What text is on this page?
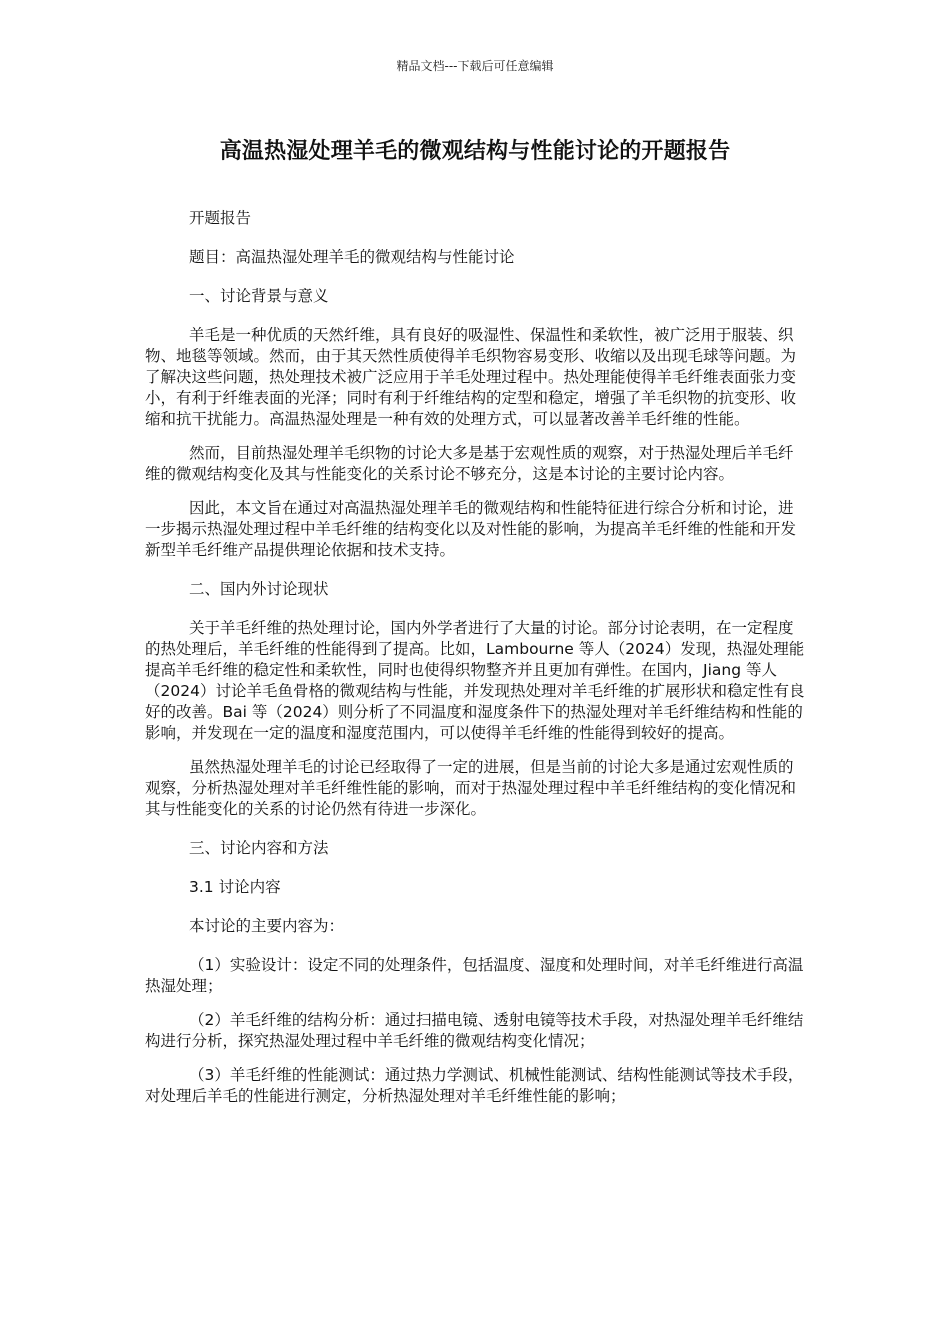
精品文档---下载后可任意编辑
高温热湿处理羊毛的微观结构与性能讨论的开题报告

开题报告

题目：高温热湿处理羊毛的微观结构与性能讨论

一、讨论背景与意义

羊毛是一种优质的天然纤维，具有良好的吸湿性、保温性和柔软性，被广泛用于服装、织物、地毯等领域。然而，由于其天然性质使得羊毛织物容易变形、收缩以及出现毛球等问题。为了解决这些问题，热处理技术被广泛应用于羊毛处理过程中。热处理能使得羊毛纤维表面张力变小，有利于纤维表面的光泽；同时有利于纤维结构的定型和稳定，增强了羊毛织物的抗变形、收缩和抗干扰能力。高温热湿处理是一种有效的处理方式，可以显著改善羊毛纤维的性能。

然而，目前热湿处理羊毛织物的讨论大多是基于宏观性质的观察，对于热湿处理后羊毛纤维的微观结构变化及其与性能变化的关系讨论不够充分，这是本讨论的主要讨论内容。

因此，本文旨在通过对高温热湿处理羊毛的微观结构和性能特征进行综合分析和讨论，进一步揭示热湿处理过程中羊毛纤维的结构变化以及对性能的影响，为提高羊毛纤维的性能和开发新型羊毛纤维产品提供理论依据和技术支持。

二、国内外讨论现状

关于羊毛纤维的热处理讨论，国内外学者进行了大量的讨论。部分讨论表明，在一定程度的热处理后，羊毛纤维的性能得到了提高。比如，Lambourne 等人（2024）发现，热湿处理能提高羊毛纤维的稳定性和柔软性，同时也使得织物整齐并且更加有弹性。在国内，Jiang 等人（2024）讨论羊毛鱼骨格的微观结构与性能，并发现热处理对羊毛纤维的扩展形状和稳定性有良好的改善。Bai 等（2024）则分析了不同温度和湿度条件下的热湿处理对羊毛纤维结构和性能的影响，并发现在一定的温度和湿度范围内，可以使得羊毛纤维的性能得到较好的提高。

虽然热湿处理羊毛的讨论已经取得了一定的进展，但是当前的讨论大多是通过宏观性质的观察，分析热湿处理对羊毛纤维性能的影响，而对于热湿处理过程中羊毛纤维结构的变化情况和其与性能变化的关系的讨论仍然有待进一步深化。

三、讨论内容和方法

3.1 讨论内容

本讨论的主要内容为：

（1）实验设计：设定不同的处理条件，包括温度、湿度和处理时间，对羊毛纤维进行高温热湿处理；

（2）羊毛纤维的结构分析：通过扫描电镜、透射电镜等技术手段，对热湿处理羊毛纤维结构进行分析，探究热湿处理过程中羊毛纤维的微观结构变化情况；

（3）羊毛纤维的性能测试：通过热力学测试、机械性能测试、结构性能测试等技术手段，对处理后羊毛的性能进行测定，分析热湿处理对羊毛纤维性能的影响；
